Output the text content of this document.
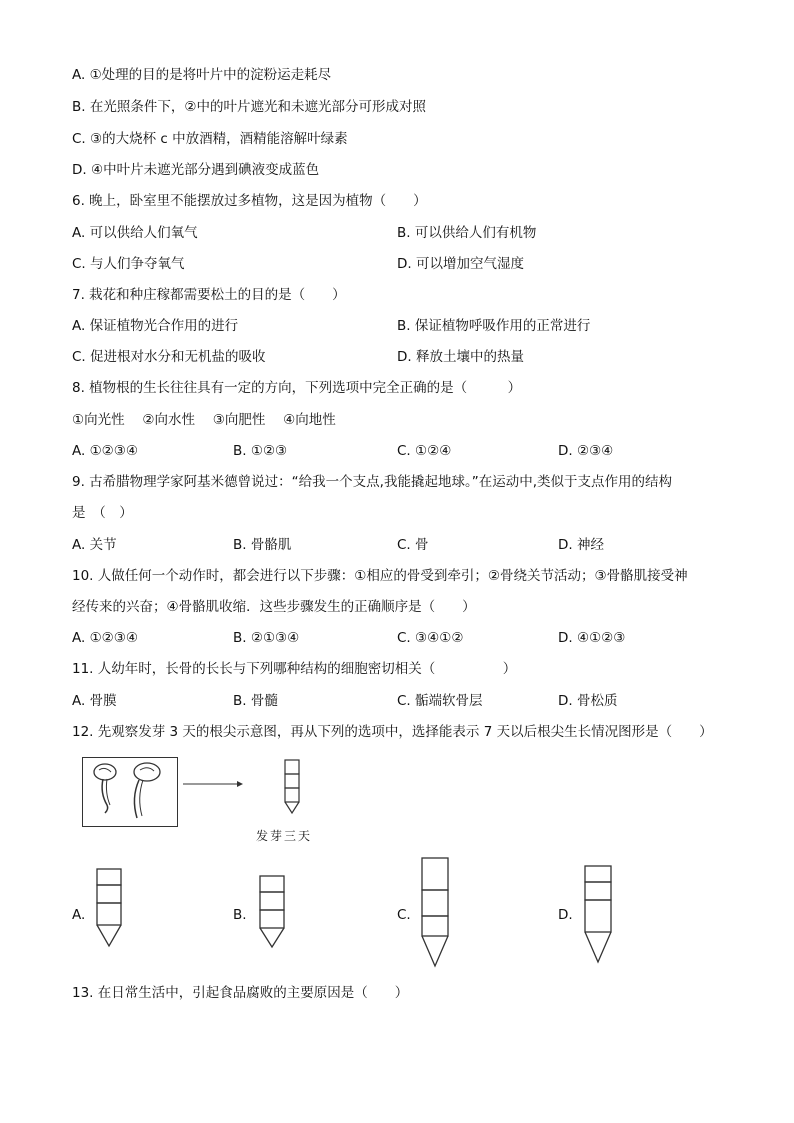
A. ①处理的目的是将叶片中的淀粉运走耗尽
B. 在光照条件下，②中的叶片遮光和未遮光部分可形成对照
C. ③的大烧杯 c 中放酒精，酒精能溶解叶绿素
D. ④中叶片未遮光部分遇到碘液变成蓝色
6. 晚上，卧室里不能摆放过多植物，这是因为植物（　　）
A. 可以供给人们氧气	B. 可以供给人们有机物
C. 与人们争夺氧气	D. 可以增加空气湿度
7. 栽花和种庄稼都需要松土的目的是（　　）
A. 保证植物光合作用的进行	B. 保证植物呼吸作用的正常进行
C. 促进根对水分和无机盐的吸收	D. 释放土壤中的热量
8. 植物根的生长往往具有一定的方向，下列选项中完全正确的是（　　　）
①向光性　 ②向水性　 ③向肥性　 ④向地性
A. ①②③④	B. ①②③	C. ①②④	D. ②③④
9. 古希腊物理学家阿基米德曾说过：“给我一个支点,我能撬起地球。”在运动中,类似于支点作用的结构
是　（　）
A. 关节	B. 骨骼肌	C. 骨	D. 神经
10. 人做任何一个动作时，都会进行以下步骤：①相应的骨受到牵引；②骨绕关节活动；③骨骼肌接受神
经传来的兴奋；④骨骼肌收缩．这些步骤发生的正确顺序是（　　）
A. ①②③④	B. ②①③④	C. ③④①②	D. ④①②③
11. 人幼年时，长骨的长长与下列哪种结构的细胞密切相关（　　　　　）
A. 骨膜	B. 骨髓	C. 骺端软骨层	D. 骨松质
12. 先观察发芽 3 天的根尖示意图，再从下列的选项中，选择能表示 7 天以后根尖生长情况图形是（　　）
发芽三天
A.	B.	C.	D.
13. 在日常生活中，引起食品腐败的主要原因是（　　）
